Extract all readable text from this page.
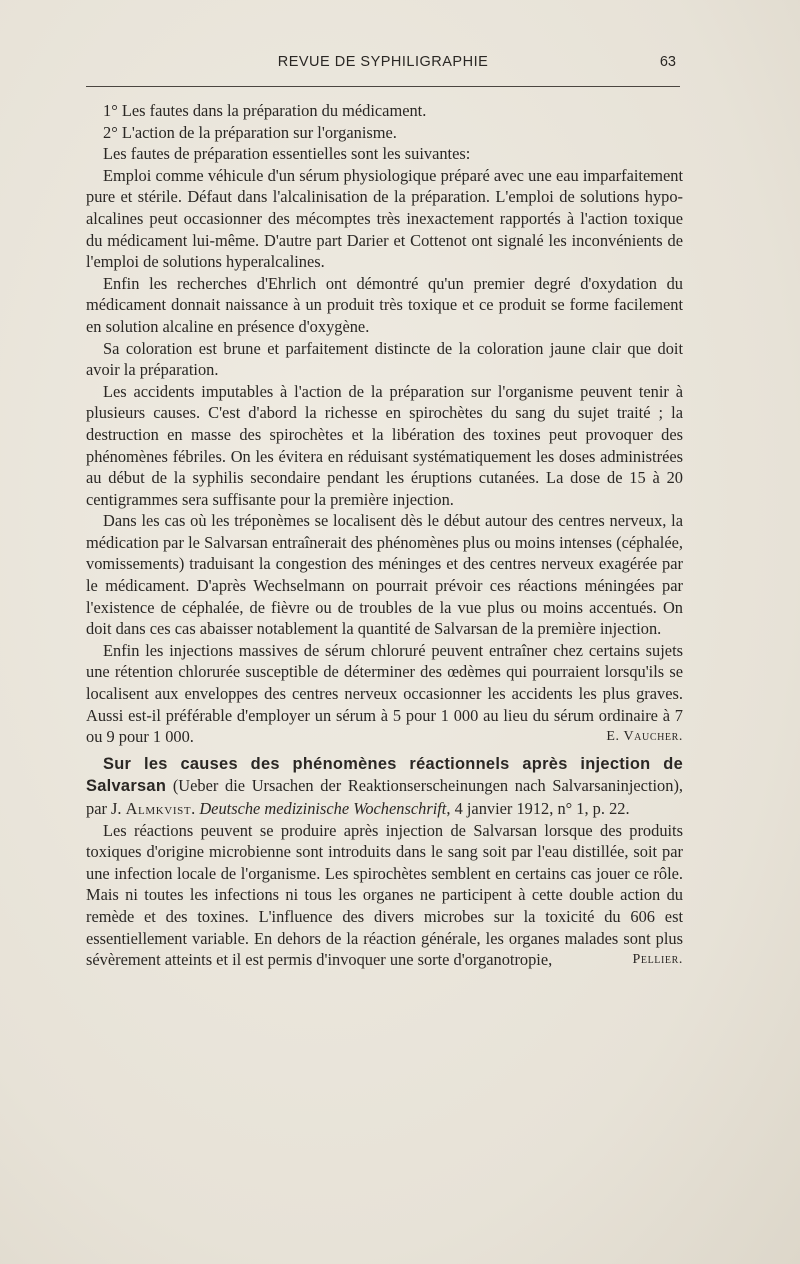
REVUE DE SYPHILIGRAPHIE	63

1° Les fautes dans la préparation du médicament.

2° L'action de la préparation sur l'organisme.

Les fautes de préparation essentielles sont les suivantes:

Emploi comme véhicule d'un sérum physiologique préparé avec une eau imparfaitement pure et stérile. Défaut dans l'alcalinisation de la préparation. L'emploi de solutions hypo-alcalines peut occasionner des mécomptes très inexactement rapportés à l'action toxique du médicament lui-même. D'autre part Darier et Cottenot ont signalé les inconvénients de l'emploi de solutions hyperalcalines.

Enfin les recherches d'Ehrlich ont démontré qu'un premier degré d'oxydation du médicament donnait naissance à un produit très toxique et ce produit se forme facilement en solution alcaline en présence d'oxygène.

Sa coloration est brune et parfaitement distincte de la coloration jaune clair que doit avoir la préparation.

Les accidents imputables à l'action de la préparation sur l'organisme peuvent tenir à plusieurs causes. C'est d'abord la richesse en spirochètes du sang du sujet traité ; la destruction en masse des spirochètes et la libération des toxines peut provoquer des phénomènes fébriles. On les évitera en réduisant systématiquement les doses administrées au début de la syphilis secondaire pendant les éruptions cutanées. La dose de 15 à 20 centigrammes sera suffisante pour la première injection.

Dans les cas où les tréponèmes se localisent dès le début autour des centres nerveux, la médication par le Salvarsan entraînerait des phénomènes plus ou moins intenses (céphalée, vomissements) traduisant la congestion des méninges et des centres nerveux exagérée par le médicament. D'après Wechselmann on pourrait prévoir ces réactions méningées par l'existence de céphalée, de fièvre ou de troubles de la vue plus ou moins accentués. On doit dans ces cas abaisser notablement la quantité de Salvarsan de la première injection.

Enfin les injections massives de sérum chloruré peuvent entraîner chez certains sujets une rétention chlorurée susceptible de déterminer des œdèmes qui pourraient lorsqu'ils se localisent aux enveloppes des centres nerveux occasionner les accidents les plus graves. Aussi est-il préférable d'employer un sérum à 5 pour 1 000 au lieu du sérum ordinaire à 7 ou 9 pour 1 000.	E. Vaucher.

Sur les causes des phénomènes réactionnels après injection de Salvarsan (Ueber die Ursachen der Reaktionserscheinungen nach Salvarsaninjection), par J. Almkvist. Deutsche medizinische Wochenschrift, 4 janvier 1912, n° 1, p. 22.

Les réactions peuvent se produire après injection de Salvarsan lorsque des produits toxiques d'origine microbienne sont introduits dans le sang soit par l'eau distillée, soit par une infection locale de l'organisme. Les spirochètes semblent en certains cas jouer ce rôle. Mais ni toutes les infections ni tous les organes ne participent à cette double action du remède et des toxines. L'influence des divers microbes sur la toxicité du 606 est essentiellement variable. En dehors de la réaction générale, les organes malades sont plus sévèrement atteints et il est permis d'invoquer une sorte d'organotropie,	Pellier.
